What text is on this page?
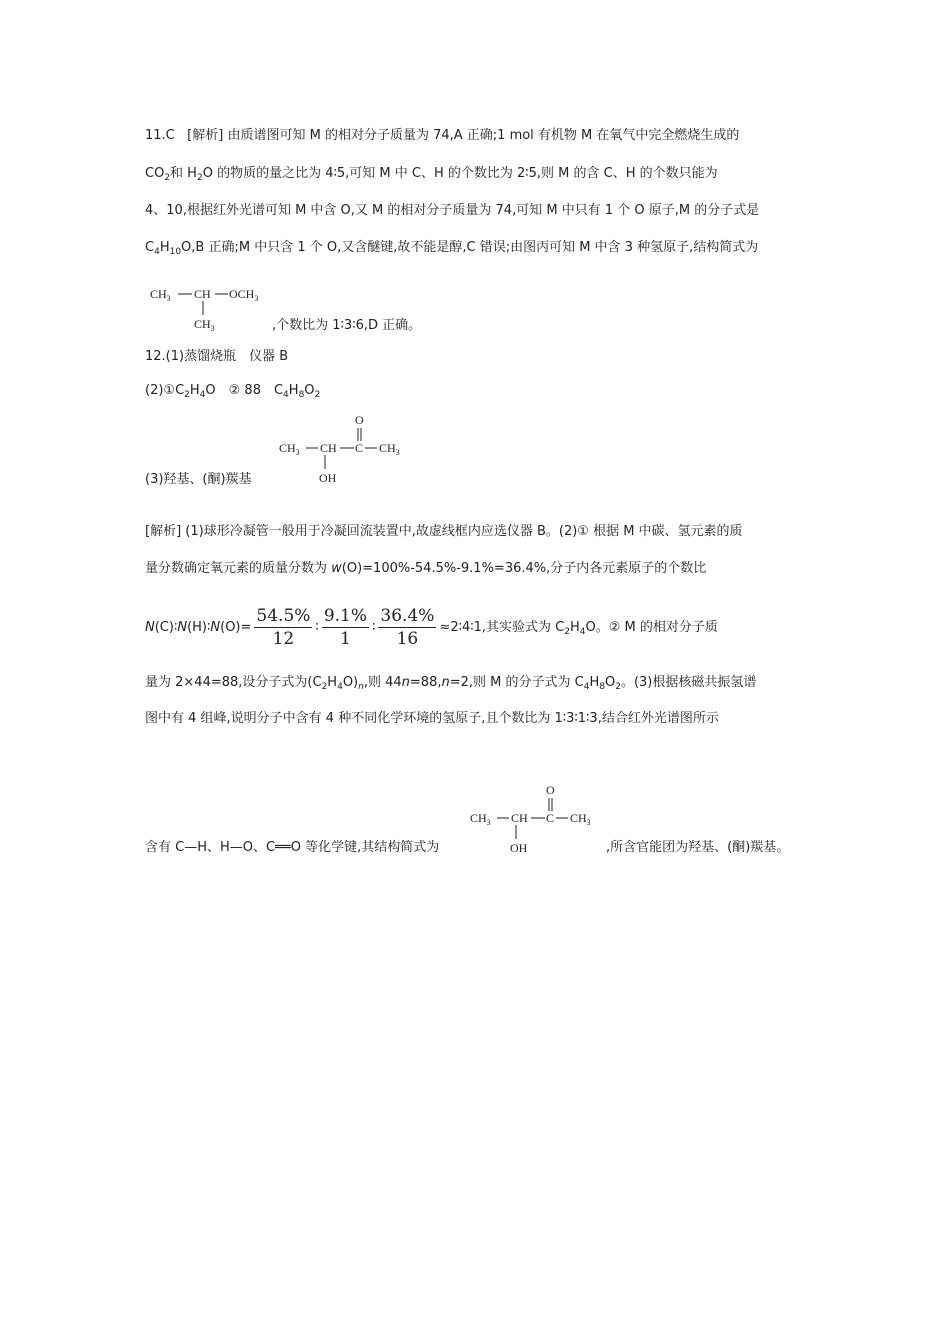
11.C [解析] 由质谱图可知 M 的相对分子质量为 74,A 正确;1 mol 有机物 M 在氧气中完全燃烧生成的
$CO_2$和 $H_2O$ 的物质的量之比为 4∶5,可知 M 中 C、H 的个数比为 2∶5,则 M 的含 C、H 的个数只能为
4、10,根据红外光谱可知 M 中含 O,又 M 的相对分子质量为 74,可知 M 中只有 1 个 O 原子,M 的分子式是
$C_4H_{10}O,B$ 正确;M 中只含 1 个 O,又含醚键,故不能是醇,C 错误;由图丙可知 M 中含 3 种氢原子,结构简式为
$CH_3$ CH $OCH_3$
$CH_3$	,个数比为 1∶3∶6,D 正确。
12.(1)蒸馏烧瓶　仪器 B
$(2)①C_2H_4O$　② 88　$C_4H_8O_2$
O
$CH_3$ CH C $CH_3$
OH
(3)羟基、(酮)羰基
[解析] (1)球形冷凝管一般用于冷凝回流装置中,故虚线框内应选仪器 B。(2)① 根据 M 中碳、氢元素的质
量分数确定氧元素的质量分数为 w(O)=100%-54.5%-9.1%=36.4%,分子内各元素原子的个数比
N(C)∶N(H)∶N(O)= $\frac{54.5\%}{12}$ ∶ $\frac{9.1\%}{1}$ ∶ $\frac{36.4\%}{16}$ ≈2∶4∶1,其实验式为 $C_2H_4O$。② M 的相对分子质
量为 2×44=88,设分子式为$(C_2H_4O)_n$,则 44n=88,n=2,则 M 的分子式为 $C_4H_8O_2$。(3)根据核磁共振氢谱
图中有 4 组峰,说明分子中含有 4 种不同化学环境的氢原子,且个数比为 1∶3∶1∶3,结合红外光谱图所示
O
$CH_3$ CH C $CH_3$
OH
含有 C—H、H—O、C══O 等化学键,其结构简式为	,所含官能团为羟基、(酮)羰基。
